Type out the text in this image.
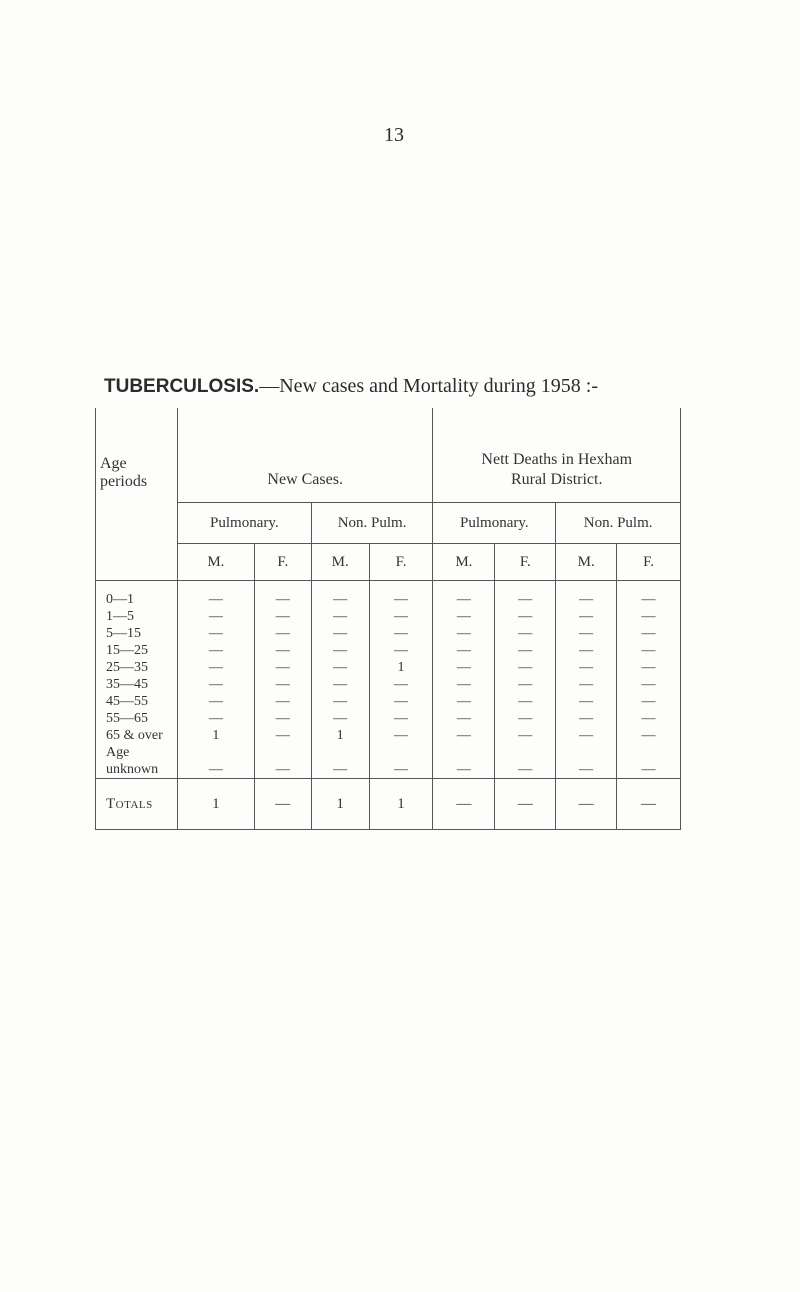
13
TUBERCULOSIS.—New cases and Mortality during 1958 :-
Age periods	New Cases.				Nett Deaths in Hexham
Rural District.			

	Pulmonary.		Non. Pulm.		Pulmonary.		Non. Pulm.	
	M.	F.	M.	F.	M.	F.	M.	F.

0—1	—	—	—	—	—	—	—	—
1—5	—	—	—	—	—	—	—	—
5—15	—	—	—	—	—	—	—	—
15—25	—	—	—	—	—	—	—	—
25—35	—	—	—	1	—	—	—	—
35—45	—	—	—	—	—	—	—	—
45—55	—	—	—	—	—	—	—	—
55—65	—	—	—	—	—	—	—	—
65 & over	1	—	1	—	—	—	—	—

Age
unknown	—	—	—	—	—	—	—	—
Totals	1	—	1	1	—	—	—	—
